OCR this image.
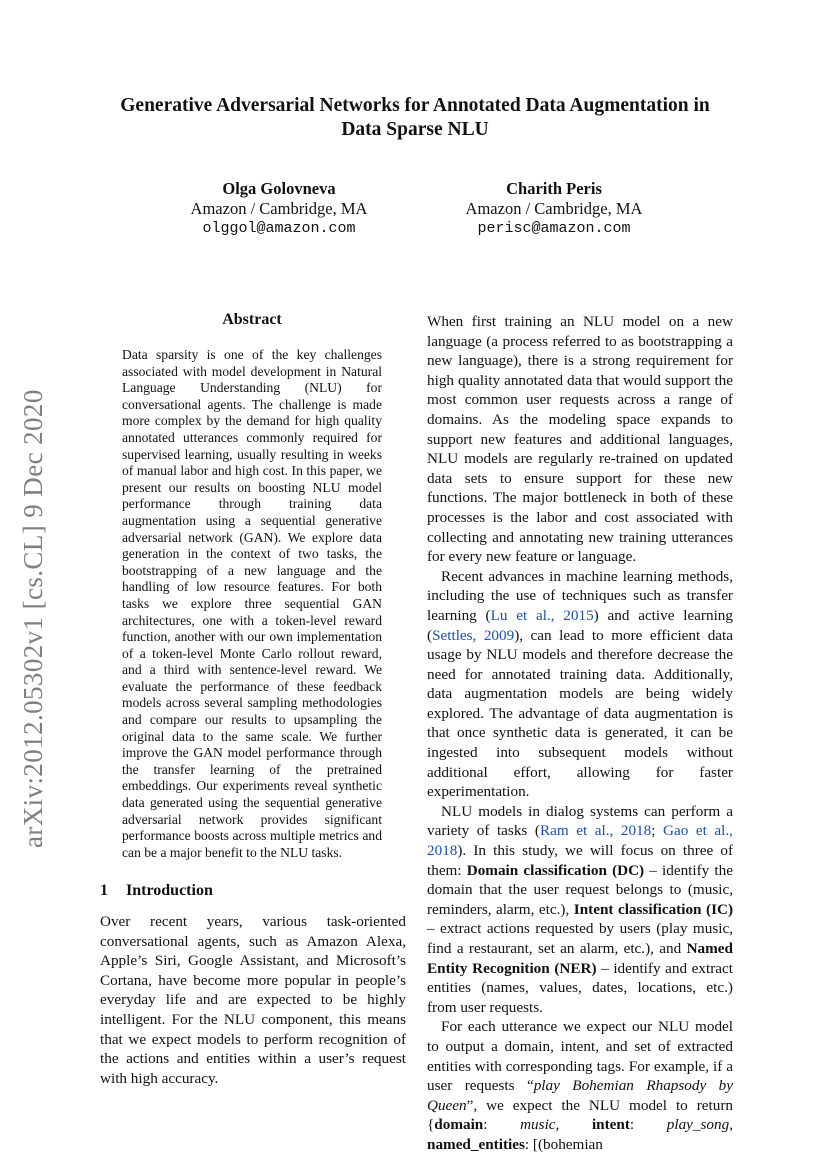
arXiv:2012.05302v1 [cs.CL] 9 Dec 2020
Generative Adversarial Networks for Annotated Data Augmentation in
Data Sparse NLU
Olga Golovneva
Amazon / Cambridge, MA
olggol@amazon.com
Charith Peris
Amazon / Cambridge, MA
perisc@amazon.com
Abstract
Data sparsity is one of the key challenges associated with model development in Natural Language Understanding (NLU) for conversational agents. The challenge is made more complex by the demand for high quality annotated utterances commonly required for supervised learning, usually resulting in weeks of manual labor and high cost. In this paper, we present our results on boosting NLU model performance through training data augmentation using a sequential generative adversarial network (GAN). We explore data generation in the context of two tasks, the bootstrapping of a new language and the handling of low resource features. For both tasks we explore three sequential GAN architectures, one with a token-level reward function, another with our own implementation of a token-level Monte Carlo rollout reward, and a third with sentence-level reward. We evaluate the performance of these feedback models across several sampling methodologies and compare our results to upsampling the original data to the same scale. We further improve the GAN model performance through the transfer learning of the pretrained embeddings. Our experiments reveal synthetic data generated using the sequential generative adversarial network provides significant performance boosts across multiple metrics and can be a major benefit to the NLU tasks.
1 Introduction
Over recent years, various task-oriented conversational agents, such as Amazon Alexa, Apple’s Siri, Google Assistant, and Microsoft’s Cortana, have become more popular in people’s everyday life and are expected to be highly intelligent. For the NLU component, this means that we expect models to perform recognition of the actions and entities within a user’s request with high accuracy.

When first training an NLU model on a new language (a process referred to as bootstrapping a new language), there is a strong requirement for high quality annotated data that would support the most common user requests across a range of domains. As the modeling space expands to support new features and additional languages, NLU models are regularly re-trained on updated data sets to ensure support for these new functions. The major bottleneck in both of these processes is the labor and cost associated with collecting and annotating new training utterances for every new feature or language.

Recent advances in machine learning methods, including the use of techniques such as transfer learning (Lu et al., 2015) and active learning (Settles, 2009), can lead to more efficient data usage by NLU models and therefore decrease the need for annotated training data. Additionally, data augmentation models are being widely explored. The advantage of data augmentation is that once synthetic data is generated, it can be ingested into subsequent models without additional effort, allowing for faster experimentation.

NLU models in dialog systems can perform a variety of tasks (Ram et al., 2018; Gao et al., 2018). In this study, we will focus on three of them: Domain classification (DC) – identify the domain that the user request belongs to (music, reminders, alarm, etc.), Intent classification (IC) – extract actions requested by users (play music, find a restaurant, set an alarm, etc.), and Named Entity Recognition (NER) – identify and extract entities (names, values, dates, locations, etc.) from user requests.

For each utterance we expect our NLU model to output a domain, intent, and set of extracted entities with corresponding tags. For example, if a user requests “play Bohemian Rhapsody by Queen”, we expect the NLU model to return {domain: music, intent: play_song, named_entities: [(bohemian
